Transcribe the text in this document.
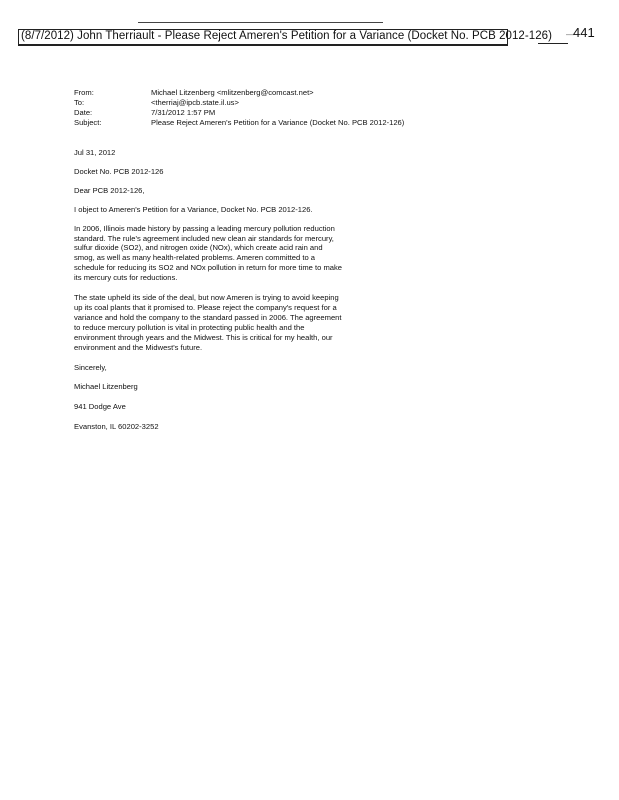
(8/7/2012) John Therriault - Please Reject Ameren's Petition for a Variance (Docket No. PCB 2012-126) — 441
From:	Michael Litzenberg <mlitzenberg@comcast.net>
To:	<therriaj@ipcb.state.il.us>
Date:	7/31/2012 1:57 PM
Subject:	Please Reject Ameren's Petition for a Variance (Docket No. PCB 2012-126)

Jul 31, 2012

Docket No. PCB 2012-126

Dear PCB 2012-126,

I object to Ameren's Petition for a Variance, Docket No. PCB 2012-126.

In 2006, Illinois made history by passing a leading mercury pollution reduction standard. The rule's agreement included new clean air standards for mercury, sulfur dioxide (SO2), and nitrogen oxide (NOx), which create acid rain and smog, as well as many health-related problems. Ameren committed to a schedule for reducing its SO2 and NOx pollution in return for more time to make its mercury cuts for reductions.

The state upheld its side of the deal, but now Ameren is trying to avoid keeping up its coal plants that it promised to. Please reject the company's request for a variance and hold the company to the standard passed in 2006. The agreement to reduce mercury pollution is vital in protecting public health and the environment through years and the Midwest. This is critical for my health, our environment and the Midwest's future.

Sincerely,

Michael Litzenberg

941 Dodge Ave

Evanston, IL 60202-3252
